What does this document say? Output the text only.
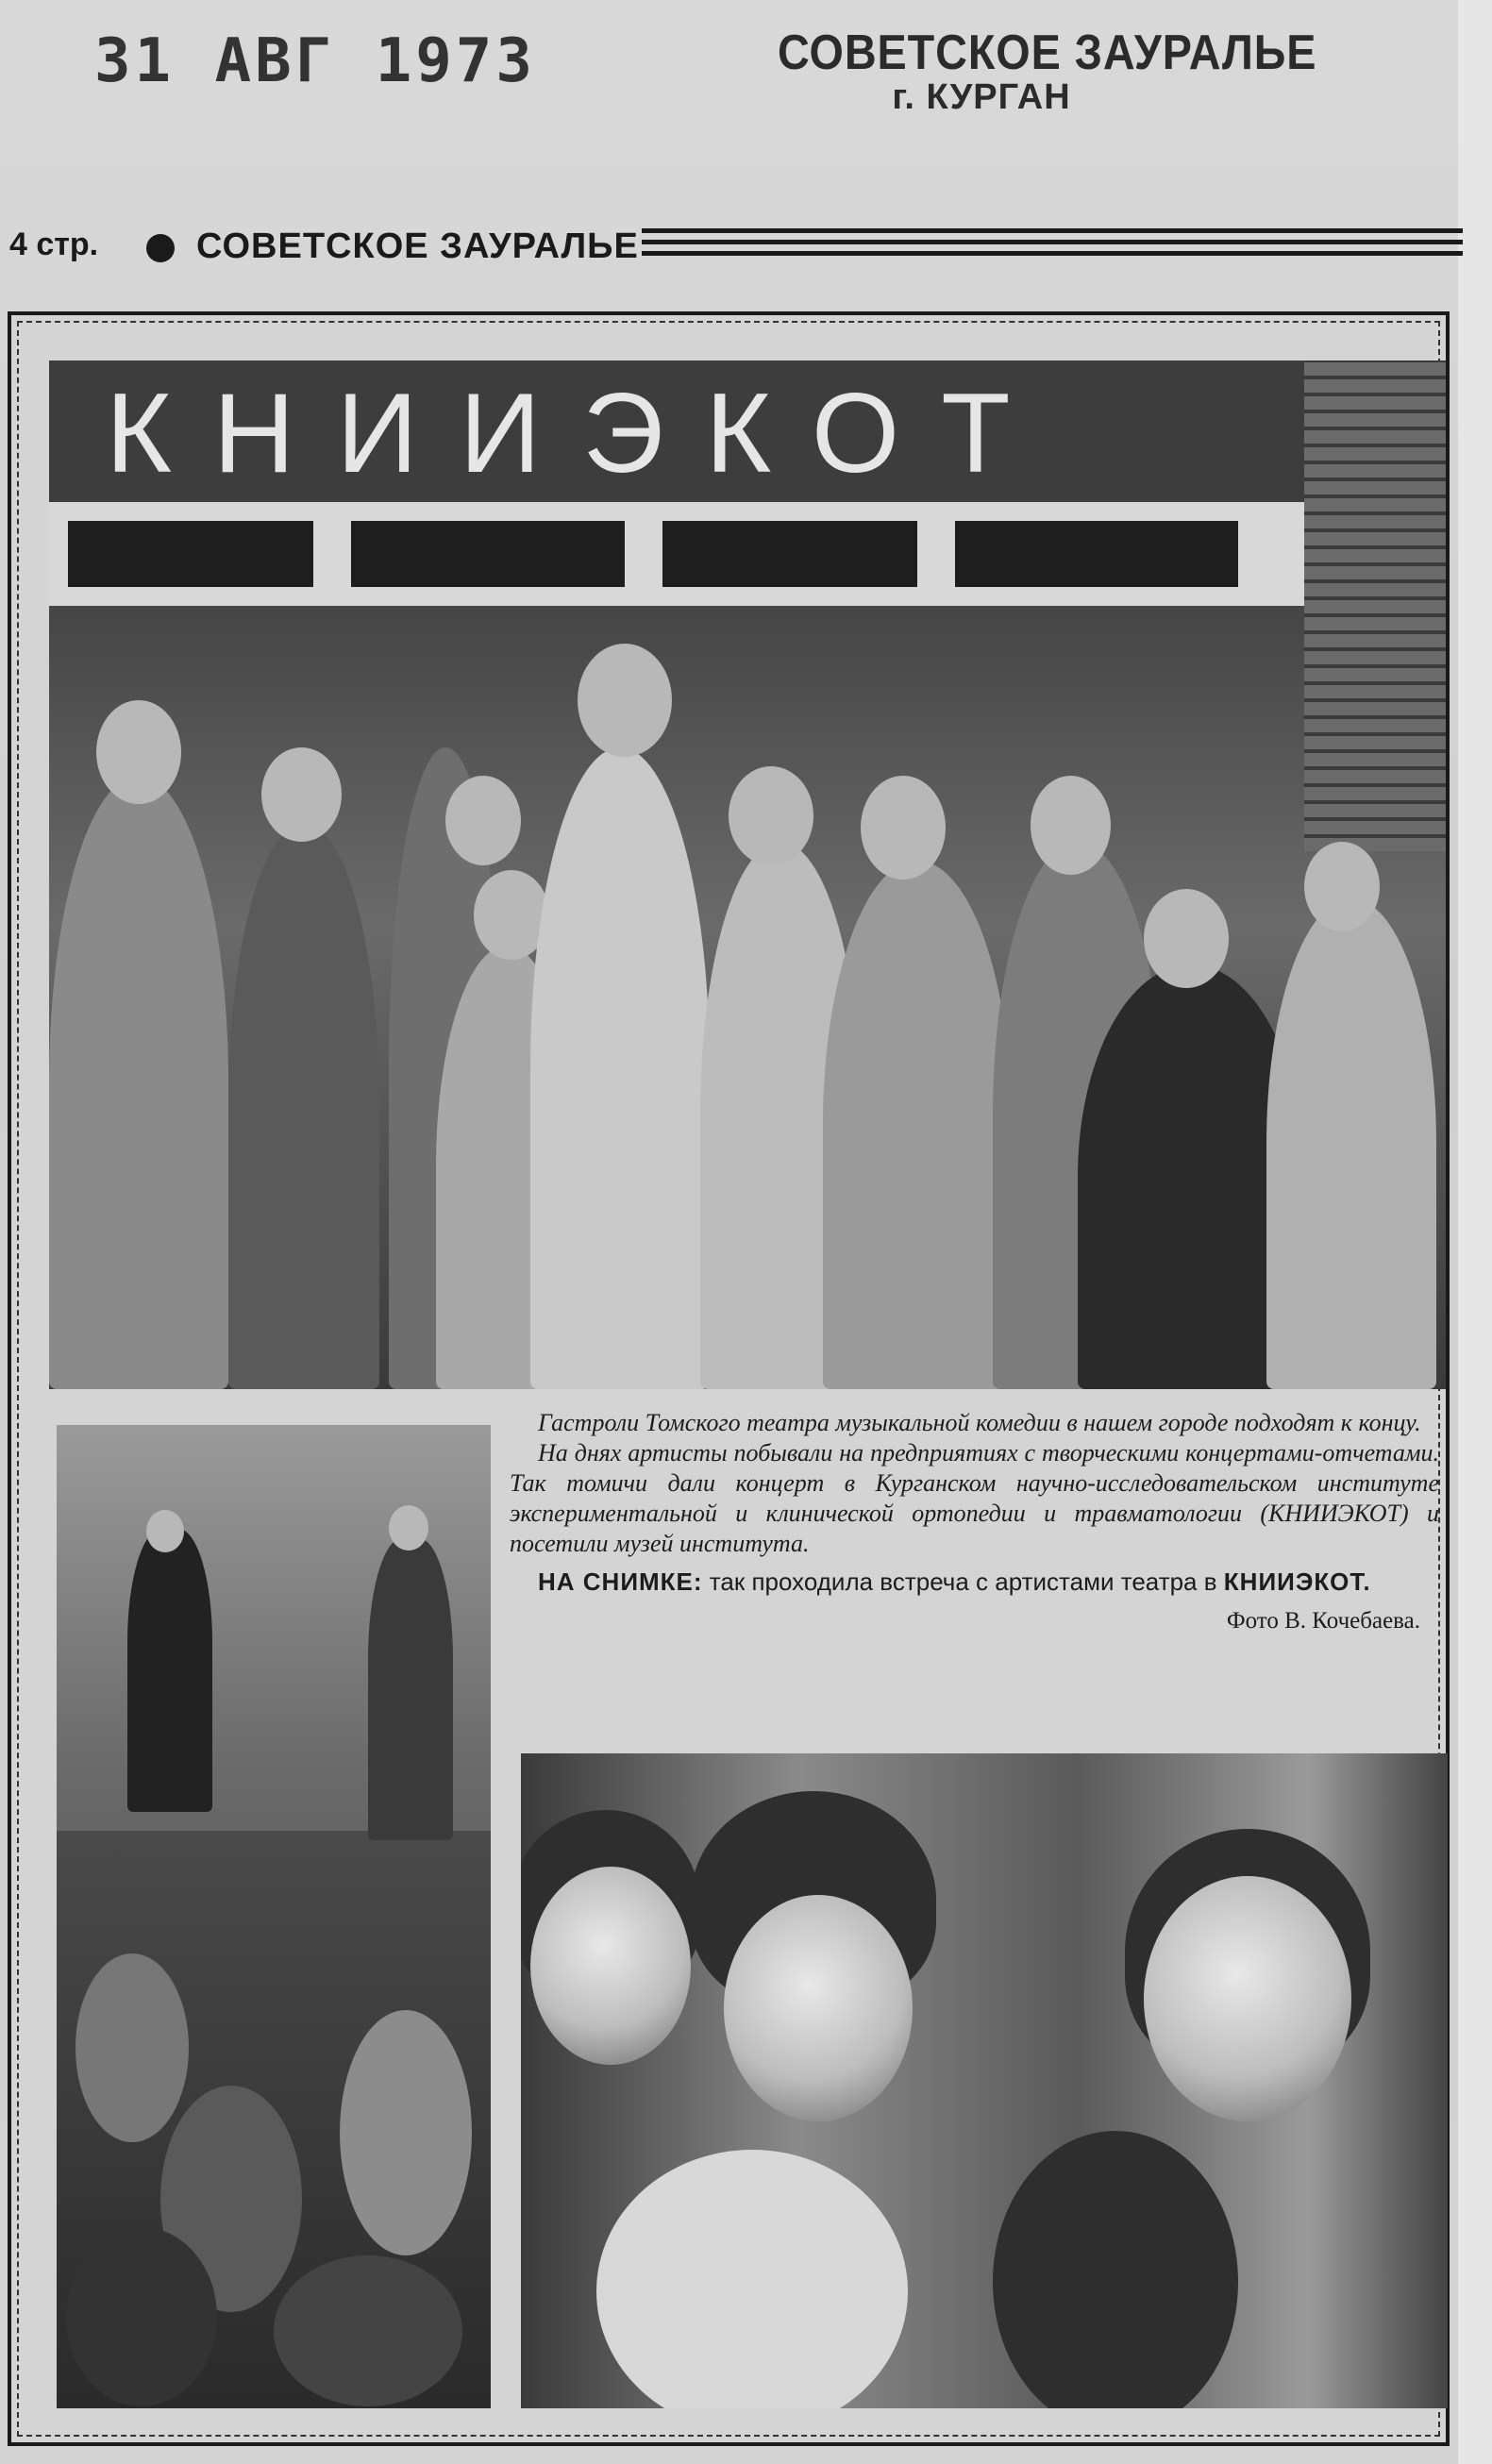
31 АВГ 1973	СОВЕТСКОЕ ЗАУРАЛЬЕ
г. КУРГАН
4 стр.	СОВЕТСКОЕ ЗАУРАЛЬЕ
КНИИЭКОТ

Гастроли Томского театра музыкальной комедии в нашем городе подходят к концу.

На днях артисты побывали на предприятиях с творческими концертами-отчетами. Так томичи дали концерт в Курганском научно-исследовательском институте экспериментальной и клинической ортопедии и травматологии (КНИИЭКОТ) и посетили музей института.

НА СНИМКЕ: так проходила встреча с артистами театра в КНИИЭКОТ.

Фото В. Кочебаева.
